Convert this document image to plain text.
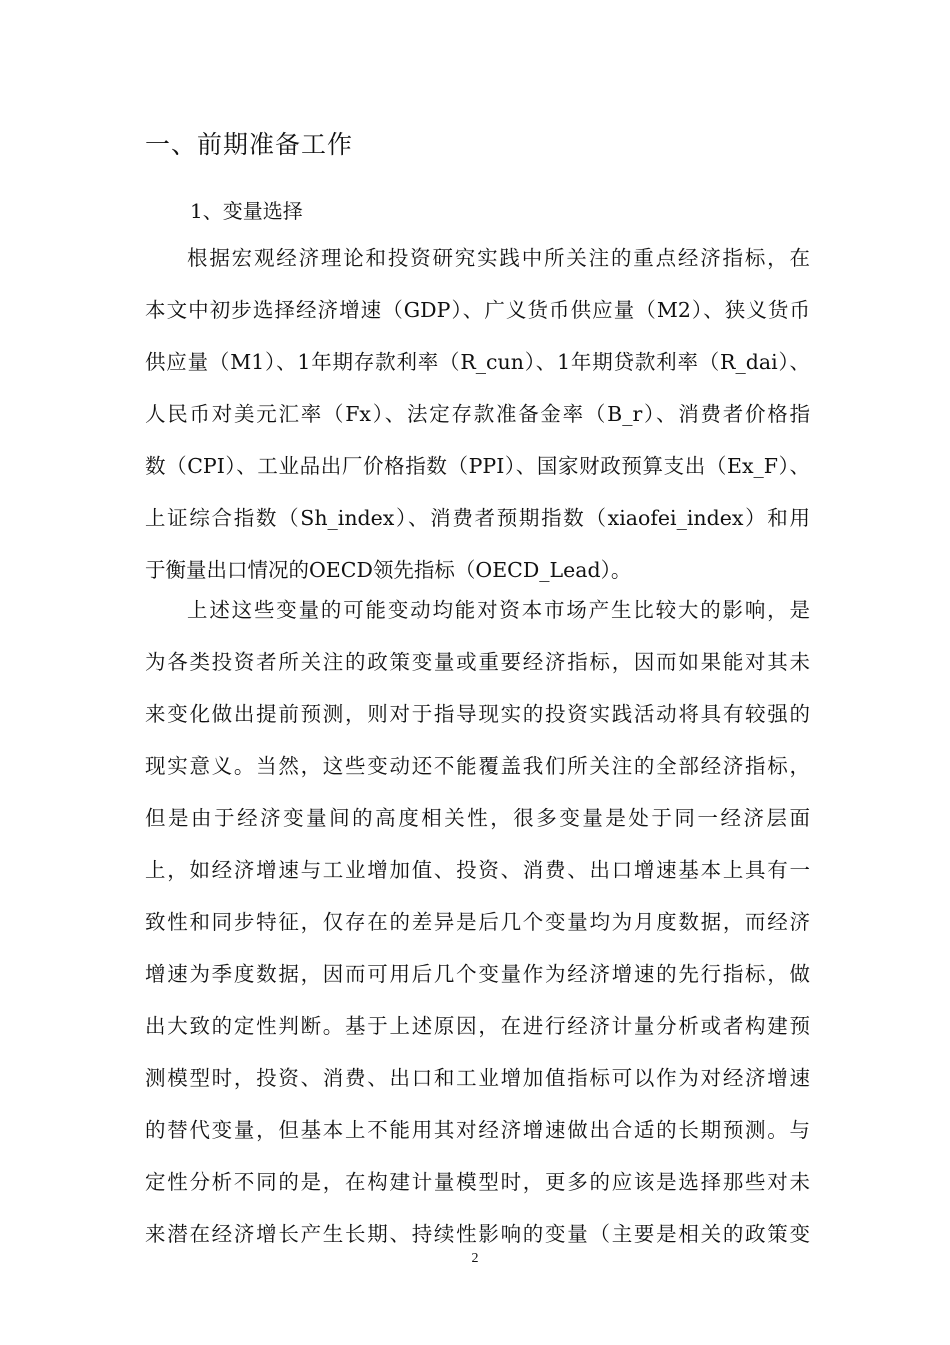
一、前期准备工作
1、变量选择
根据宏观经济理论和投资研究实践中所关注的重点经济指标，在
本文中初步选择经济增速（GDP）、广义货币供应量（M2）、狭义货币
供应量（M1）、1年期存款利率（R_cun）、1年期贷款利率（R_dai）、
人民币对美元汇率（Fx）、法定存款准备金率（B_r）、消费者价格指
数（CPI）、工业品出厂价格指数（PPI）、国家财政预算支出（Ex_F）、
上证综合指数（Sh_index）、消费者预期指数（xiaofei_index）和用
于衡量出口情况的OECD领先指标（OECD_Lead）。
上述这些变量的可能变动均能对资本市场产生比较大的影响，是
为各类投资者所关注的政策变量或重要经济指标，因而如果能对其未
来变化做出提前预测，则对于指导现实的投资实践活动将具有较强的
现实意义。当然，这些变动还不能覆盖我们所关注的全部经济指标，
但是由于经济变量间的高度相关性，很多变量是处于同一经济层面
上，如经济增速与工业增加值、投资、消费、出口增速基本上具有一
致性和同步特征，仅存在的差异是后几个变量均为月度数据，而经济
增速为季度数据，因而可用后几个变量作为经济增速的先行指标，做
出大致的定性判断。基于上述原因，在进行经济计量分析或者构建预
测模型时，投资、消费、出口和工业增加值指标可以作为对经济增速
的替代变量，但基本上不能用其对经济增速做出合适的长期预测。与
定性分析不同的是，在构建计量模型时，更多的应该是选择那些对未
来潜在经济增长产生长期、持续性影响的变量（主要是相关的政策变
2
